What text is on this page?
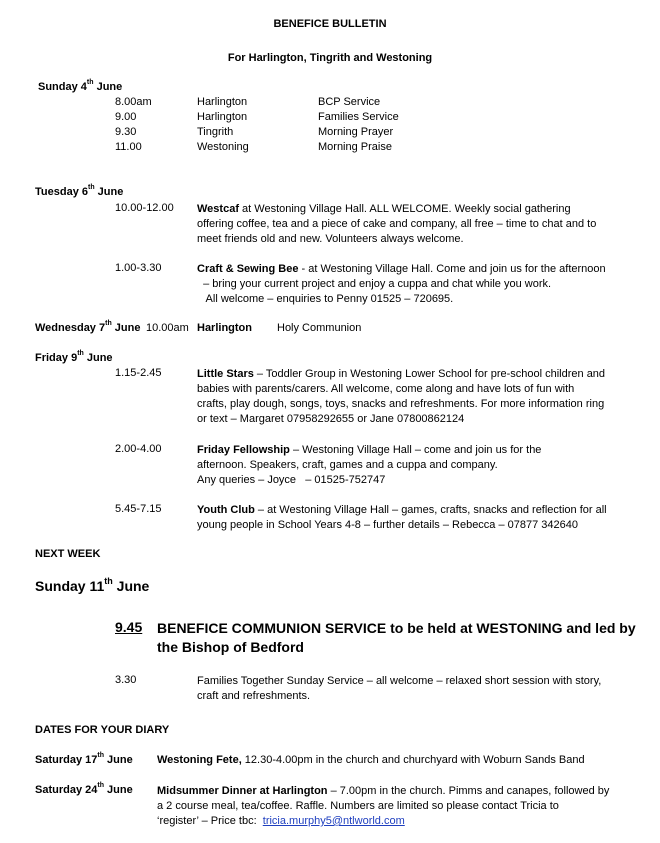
BENEFICE BULLETIN
For Harlington, Tingrith and Westoning
Sunday 4th June
8.00am	Harlington	BCP Service
9.00	Harlington	Families Service
9.30	Tingrith	Morning Prayer
11.00	Westoning	Morning Praise
Tuesday 6th June
10.00-12.00 Westcaf at Westoning Village Hall. ALL WELCOME. Weekly social gathering
offering coffee, tea and a piece of cake and company, all free – time to chat and to
meet friends old and new. Volunteers always welcome.
1.00-3.30	Craft & Sewing Bee - at Westoning Village Hall. Come and join us for the afternoon
– bring your current project and enjoy a cuppa and chat while you work.
All welcome – enquiries to Penny 01525 – 720695.
Wednesday 7th June 10.00am Harlington Holy Communion
Friday 9th June
1.15-2.45	Little Stars – Toddler Group in Westoning Lower School for pre-school children and
babies with parents/carers. All welcome, come along and have lots of fun with
crafts, play dough, songs, toys, snacks and refreshments. For more information ring
or text – Margaret 07958292655 or Jane 07800862124
2.00-4.00	Friday Fellowship – Westoning Village Hall – come and join us for the
afternoon. Speakers, craft, games and a cuppa and company.
Any queries – Joyce   – 01525-752747
5.45-7.15	Youth Club – at Westoning Village Hall – games, crafts, snacks and reflection for all
young people in School Years 4-8 – further details – Rebecca – 07877 342640
NEXT WEEK
Sunday 11th June
9.45 BENEFICE COMMUNION SERVICE to be held at WESTONING and led by
the Bishop of Bedford
3.30	Families Together Sunday Service – all welcome – relaxed short session with story,
craft and refreshments.
DATES FOR YOUR DIARY
Saturday 17th June Westoning Fete, 12.30-4.00pm in the church and churchyard with Woburn Sands Band
Saturday 24th June Midsummer Dinner at Harlington – 7.00pm in the church. Pimms and canapes, followed by
a 2 course meal, tea/coffee. Raffle. Numbers are limited so please contact Tricia to
‘register’ – Price tbc:  tricia.murphy5@ntlworld.com
